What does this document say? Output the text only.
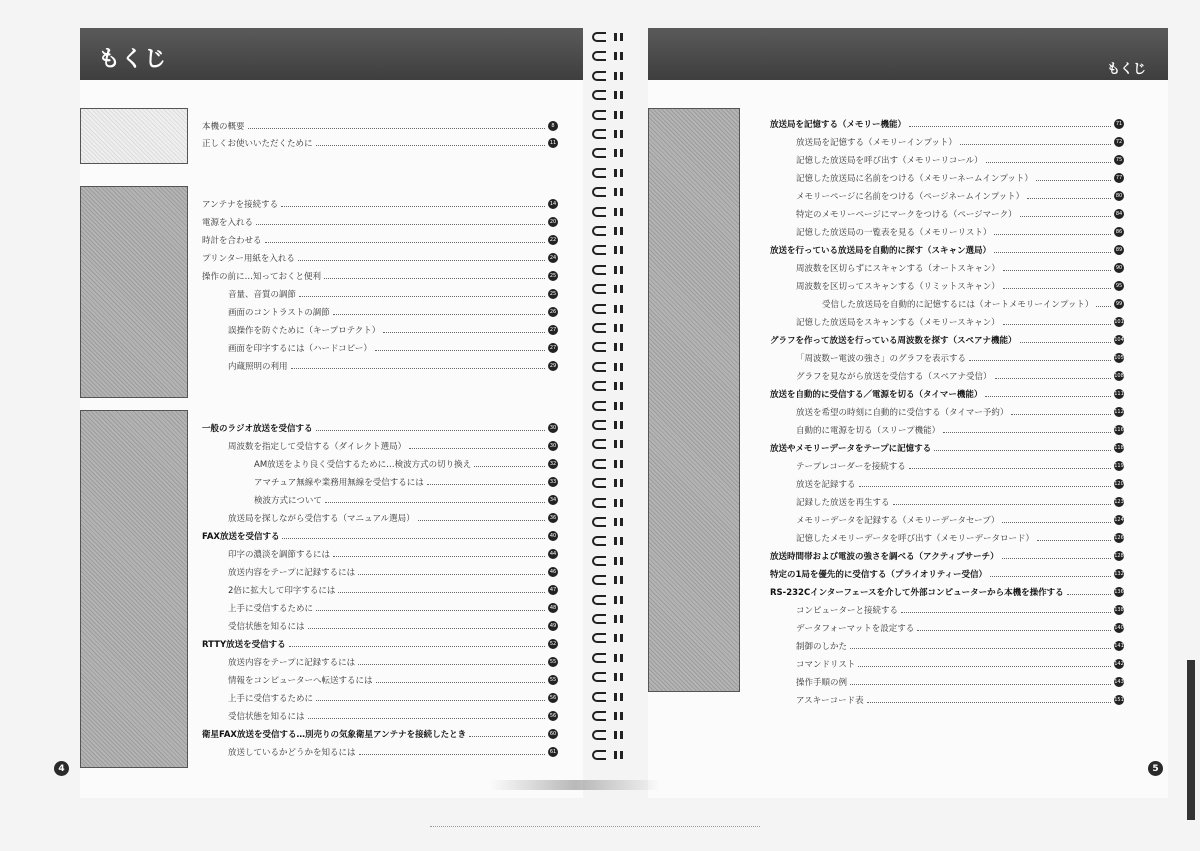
もくじ
本機の概要	8
正しくお使いいただくために	11
アンテナを接続する	14
電源を入れる	20
時計を合わせる	22
プリンター用紙を入れる	24
操作の前に…知っておくと便利	25
音量、音質の調節	25
画面のコントラストの調節	26
誤操作を防ぐために（キープロテクト）	27
画面を印字するには（ハードコピー）	27
内蔵照明の利用	29
一般のラジオ放送を受信する	30
周波数を指定して受信する（ダイレクト選局）	30
AM放送をより良く受信するために…検波方式の切り換え	32
アマチュア無線や業務用無線を受信するには	33
検波方式について	34
放送局を探しながら受信する（マニュアル選局）	36
FAX放送を受信する	40
印字の濃淡を調節するには	44
放送内容をテープに記録するには	46
2倍に拡大して印字するには	47
上手に受信するために	48
受信状態を知るには	49
RTTY放送を受信する	52
放送内容をテープに記録するには	55
情報をコンピューターへ転送するには	55
上手に受信するために	56
受信状態を知るには	56
衛星FAX放送を受信する…別売りの気象衛星アンテナを接続したとき	60
放送しているかどうかを知るには	61
もくじ
放送局を記憶する（メモリー機能）	71
放送局を記憶する（メモリーインプット）	72
記憶した放送局を呼び出す（メモリーリコール）	75
記憶した放送局に名前をつける（メモリーネームインプット）	77
メモリーページに名前をつける（ページネームインプット）	80
特定のメモリーページにマークをつける（ページマーク）	84
記憶した放送局の一覧表を見る（メモリーリスト）	86
放送を行っている放送局を自動的に探す（スキャン選局）	89
周波数を区切らずにスキャンする（オートスキャン）	90
周波数を区切ってスキャンする（リミットスキャン）	95
受信した放送局を自動的に記憶するには（オートメモリーインプット）	99
記憶した放送局をスキャンする（メモリースキャン）	101
グラフを作って放送を行っている周波数を探す（スペアナ機能）	104
「周波数ー電波の強さ」のグラフを表示する	105
グラフを見ながら放送を受信する（スペアナ受信）	108
放送を自動的に受信する／電源を切る（タイマー機能）	111
放送を希望の時刻に自動的に受信する（タイマー予約）	112
自動的に電源を切る（スリープ機能）	116
放送やメモリーデータをテープに記憶する	118
テープレコーダーを接続する	119
放送を記録する	120
記録した放送を再生する	123
メモリーデータを記録する（メモリーデータセーブ）	124
記憶したメモリーデータを呼び出す（メモリーデータロード）	126
放送時間帯および電波の強さを調べる（アクティブサーチ）	128
特定の1局を優先的に受信する（プライオリティー受信）	132
RS-232Cインターフェースを介して外部コンピューターから本機を操作する	136
コンピューターと接続する	138
データフォーマットを設定する	140
制御のしかた	141
コマンドリスト	142
操作手順の例	143
アスキーコード表	151
4	5
